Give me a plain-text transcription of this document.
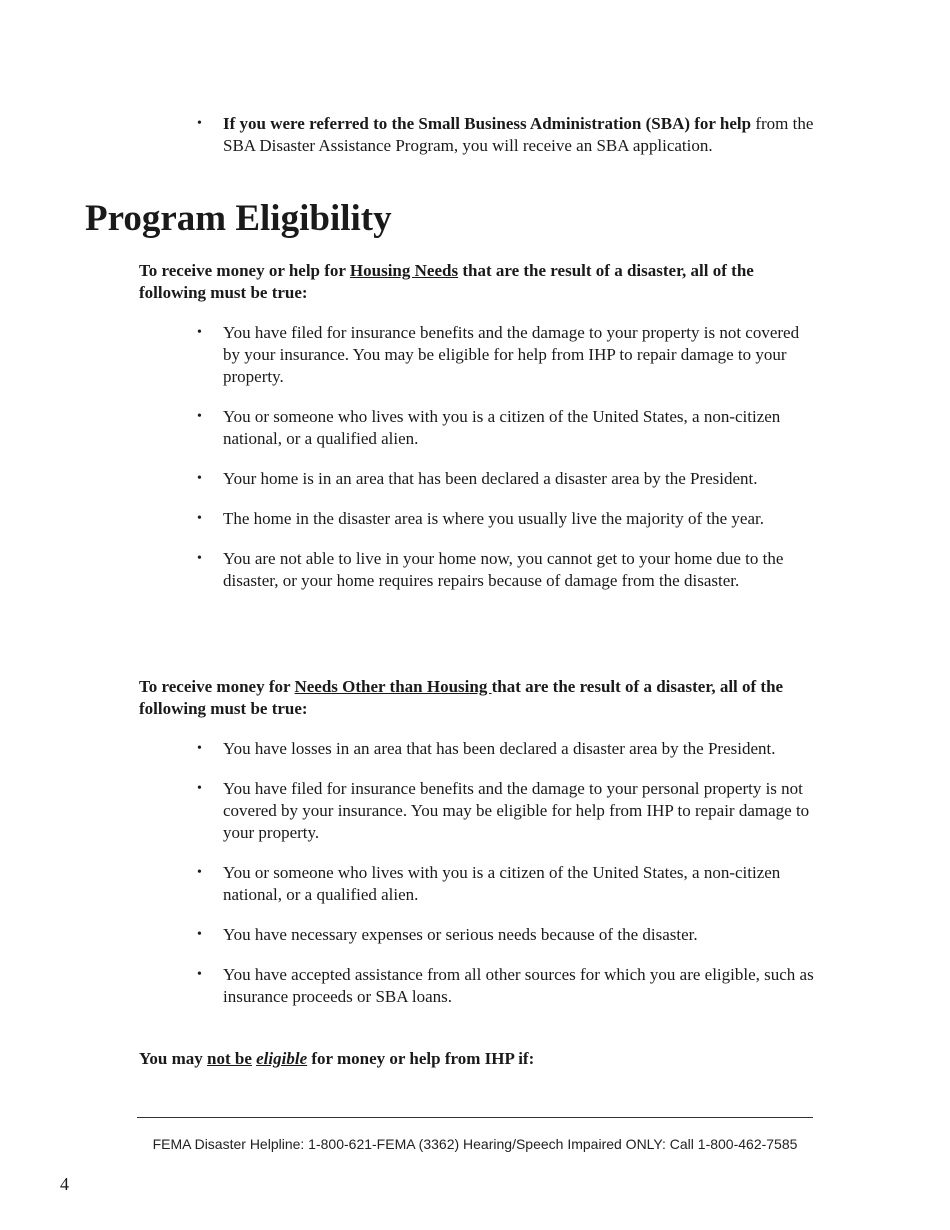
• If you were referred to the Small Business Administration (SBA) for help from the SBA Disaster Assistance Program, you will receive an SBA application.
Program Eligibility

To receive money or help for Housing Needs that are the result of a disaster, all of the following must be true:

• You have filed for insurance benefits and the damage to your property is not covered by your insurance. You may be eligible for help from IHP to repair damage to your property.
• You or someone who lives with you is a citizen of the United States, a non-citizen national, or a qualified alien.
• Your home is in an area that has been declared a disaster area by the President.
• The home in the disaster area is where you usually live the majority of the year.
• You are not able to live in your home now, you cannot get to your home due to the disaster, or your home requires repairs because of damage from the disaster.

To receive money for Needs Other than Housing that are the result of a disaster, all of the following must be true:

• You have losses in an area that has been declared a disaster area by the President.
• You have filed for insurance benefits and the damage to your personal property is not covered by your insurance. You may be eligible for help from IHP to repair damage to your property.
• You or someone who lives with you is a citizen of the United States, a non-citizen national, or a qualified alien.
• You have necessary expenses or serious needs because of the disaster.
• You have accepted assistance from all other sources for which you are eligible, such as insurance proceeds or SBA loans.

You may not be eligible for money or help from IHP if:

FEMA Disaster Helpline: 1-800-621-FEMA (3362) Hearing/Speech Impaired ONLY: Call 1-800-462-7585
4
